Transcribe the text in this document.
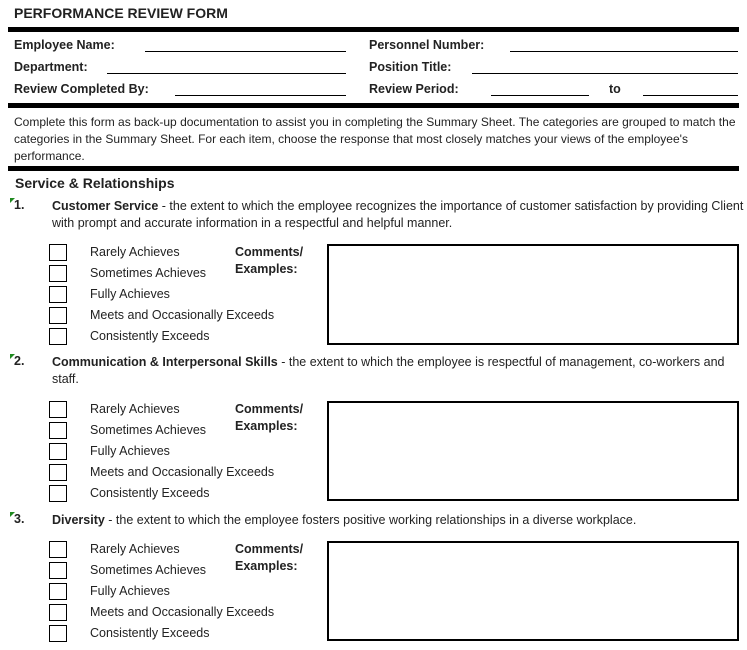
PERFORMANCE REVIEW FORM
Employee Name:
Department:
Review Completed By:
Personnel Number:
Position Title:
Review Period:	to
Complete this form as back-up documentation to assist you in completing the Summary Sheet. The categories are grouped to match the categories in the Summary Sheet. For each item, choose the response that most closely matches your views of the employee's performance.
Service & Relationships
1. Customer Service - the extent to which the employee recognizes the importance of customer satisfaction by providing Client with prompt and accurate information in a respectful and helpful manner.
Rarely Achieves
Sometimes Achieves
Fully Achieves
Meets and Occasionally Exceeds
Consistently Exceeds
Comments/
Examples:
2. Communication & Interpersonal Skills - the extent to which the employee is respectful of management, co-workers and staff.
Rarely Achieves
Sometimes Achieves
Fully Achieves
Meets and Occasionally Exceeds
Consistently Exceeds
Comments/
Examples:
3. Diversity - the extent to which the employee fosters positive working relationships in a diverse workplace.
Rarely Achieves
Sometimes Achieves
Fully Achieves
Meets and Occasionally Exceeds
Consistently Exceeds
Comments/
Examples:
